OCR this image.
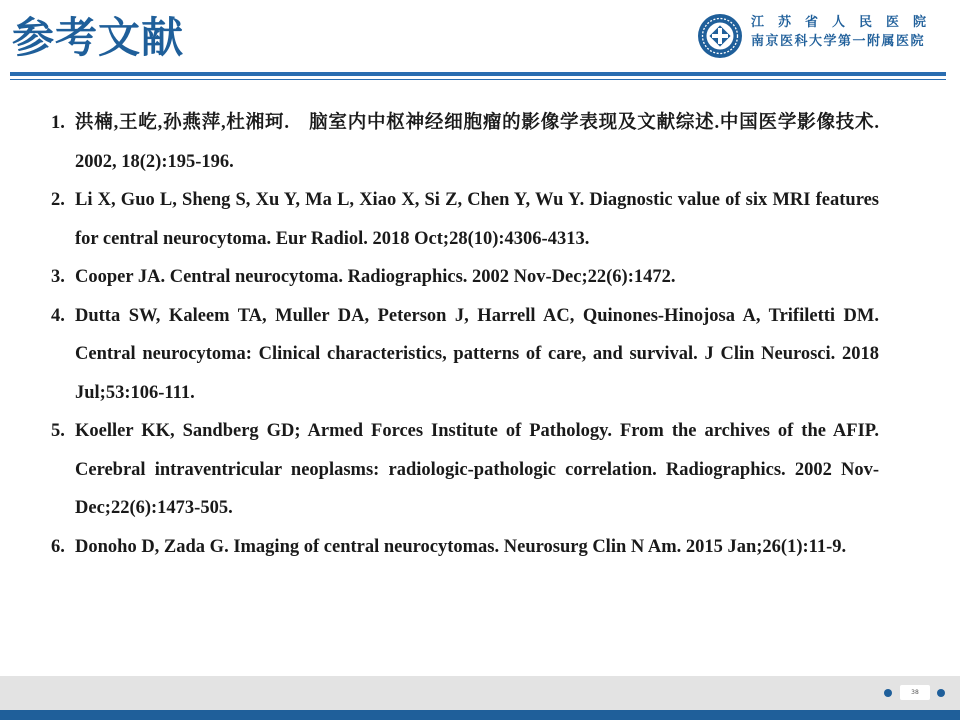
参考文献	江苏省人民医院
南京医科大学第一附属医院
1. 洪楠,王屹,孙燕萍,杜湘珂.　脑室内中枢神经细胞瘤的影像学表现及文献综述.中国医学影像技术. 2002, 18(2):195-196.
2. Li X, Guo L, Sheng S, Xu Y, Ma L, Xiao X, Si Z, Chen Y, Wu Y. Diagnostic value of six MRI features for central neurocytoma. Eur Radiol. 2018 Oct;28(10):4306-4313.
3. Cooper JA. Central neurocytoma. Radiographics. 2002 Nov-Dec;22(6):1472.
4. Dutta SW, Kaleem TA, Muller DA, Peterson J, Harrell AC, Quinones-Hinojosa A, Trifiletti DM. Central neurocytoma: Clinical characteristics, patterns of care, and survival. J Clin Neurosci. 2018 Jul;53:106-111.
5. Koeller KK, Sandberg GD; Armed Forces Institute of Pathology. From the archives of the AFIP. Cerebral intraventricular neoplasms: radiologic-pathologic correlation. Radiographics. 2002 Nov-Dec;22(6):1473-505.
6. Donoho D, Zada G. Imaging of central neurocytomas. Neurosurg Clin N Am. 2015 Jan;26(1):11-9.
38
